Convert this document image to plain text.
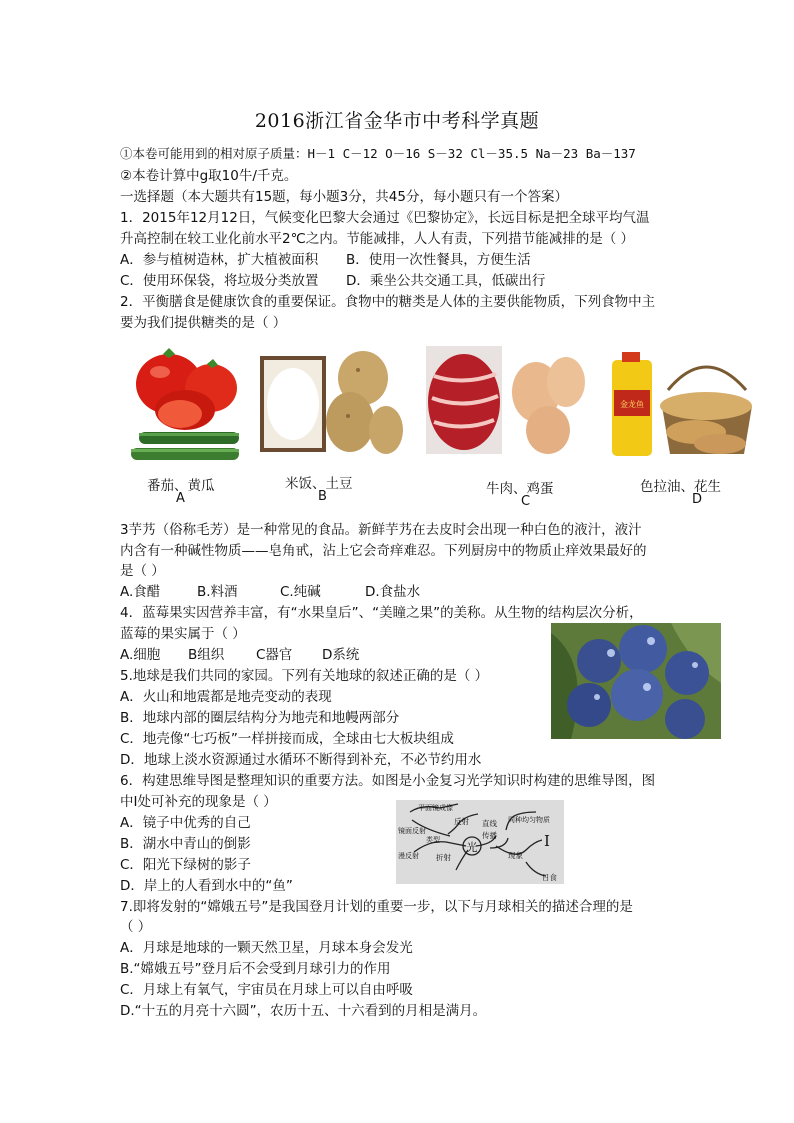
2016浙江省金华市中考科学真题
①本卷可能用到的相对原子质量：H－1 C－12 O－16 S－32 Cl－35.5 Na－23 Ba－137
②本卷计算中g取10牛/千克。
一选择题（本大题共有15题，每小题3分，共45分，每小题只有一个答案）
1．2015年12月12日，气候变化巴黎大会通过《巴黎协定》，长远目标是把全球平均气温
升高控制在较工业化前水平2℃之内。节能减排，人人有责，下列措节能减排的是（ ）
A．参与植树造林，扩大植被面积 B．使用一次性餐具，方便生活
C．使用环保袋，将垃圾分类放置 D．乘坐公共交通工具，低碳出行
2．平衡膳食是健康饮食的重要保证。食物中的糖类是人体的主要供能物质，下列食物中主
要为我们提供糖类的是（ ）
金龙鱼
番茄、黄瓜
A
米饭、土豆
B	牛肉、鸡蛋
C
色拉油、花生
D
3芋艿（俗称毛芳）是一种常见的食品。新鲜芋艿在去皮时会出现一种白色的液汁，液汁
内含有一种碱性物质——皂角甙，沾上它会奇痒难忍。下列厨房中的物质止痒效果最好的
是（ ）
A.食醋	B.料酒	C.纯碱	D.食盐水
4．蓝莓果实因营养丰富，有“水果皇后”、“美瞳之果”的美称。从生物的结构层次分析，
蓝莓的果实属于（ ）
A.细胞 B组织 C器官 D系统
5.地球是我们共同的家园。下列有关地球的叙述正确的是（ ）
A．火山和地震都是地壳变动的表现
B．地球内部的圈层结构分为地壳和地幔两部分
C．地壳像“七巧板”一样拼接而成，全球由七大板块组成
D．地球上淡水资源通过水循环不断得到补充，不必节约用水
6．构建思维导图是整理知识的重要方法。如图是小金复习光学知识时构建的思维导图，图
中Ⅰ处可补充的现象是（ ）
A．镜子中优秀的自己
B．湖水中青山的倒影
C．阳光下绿树的影子
D．岸上的人看到水中的“鱼”
光
平面镜成像
镜面反射
类型
反射
漫反射 折射
直线
传播
同种均匀物质
现象
I
日食
7.即将发射的“嫦娥五号”是我国登月计划的重要一步，以下与月球相关的描述合理的是
（ ）
A．月球是地球的一颗天然卫星，月球本身会发光
B.“嫦娥五号”登月后不会受到月球引力的作用
C．月球上有氧气，宇宙员在月球上可以自由呼吸
D.“十五的月亮十六圆”，农历十五、十六看到的月相是满月。
